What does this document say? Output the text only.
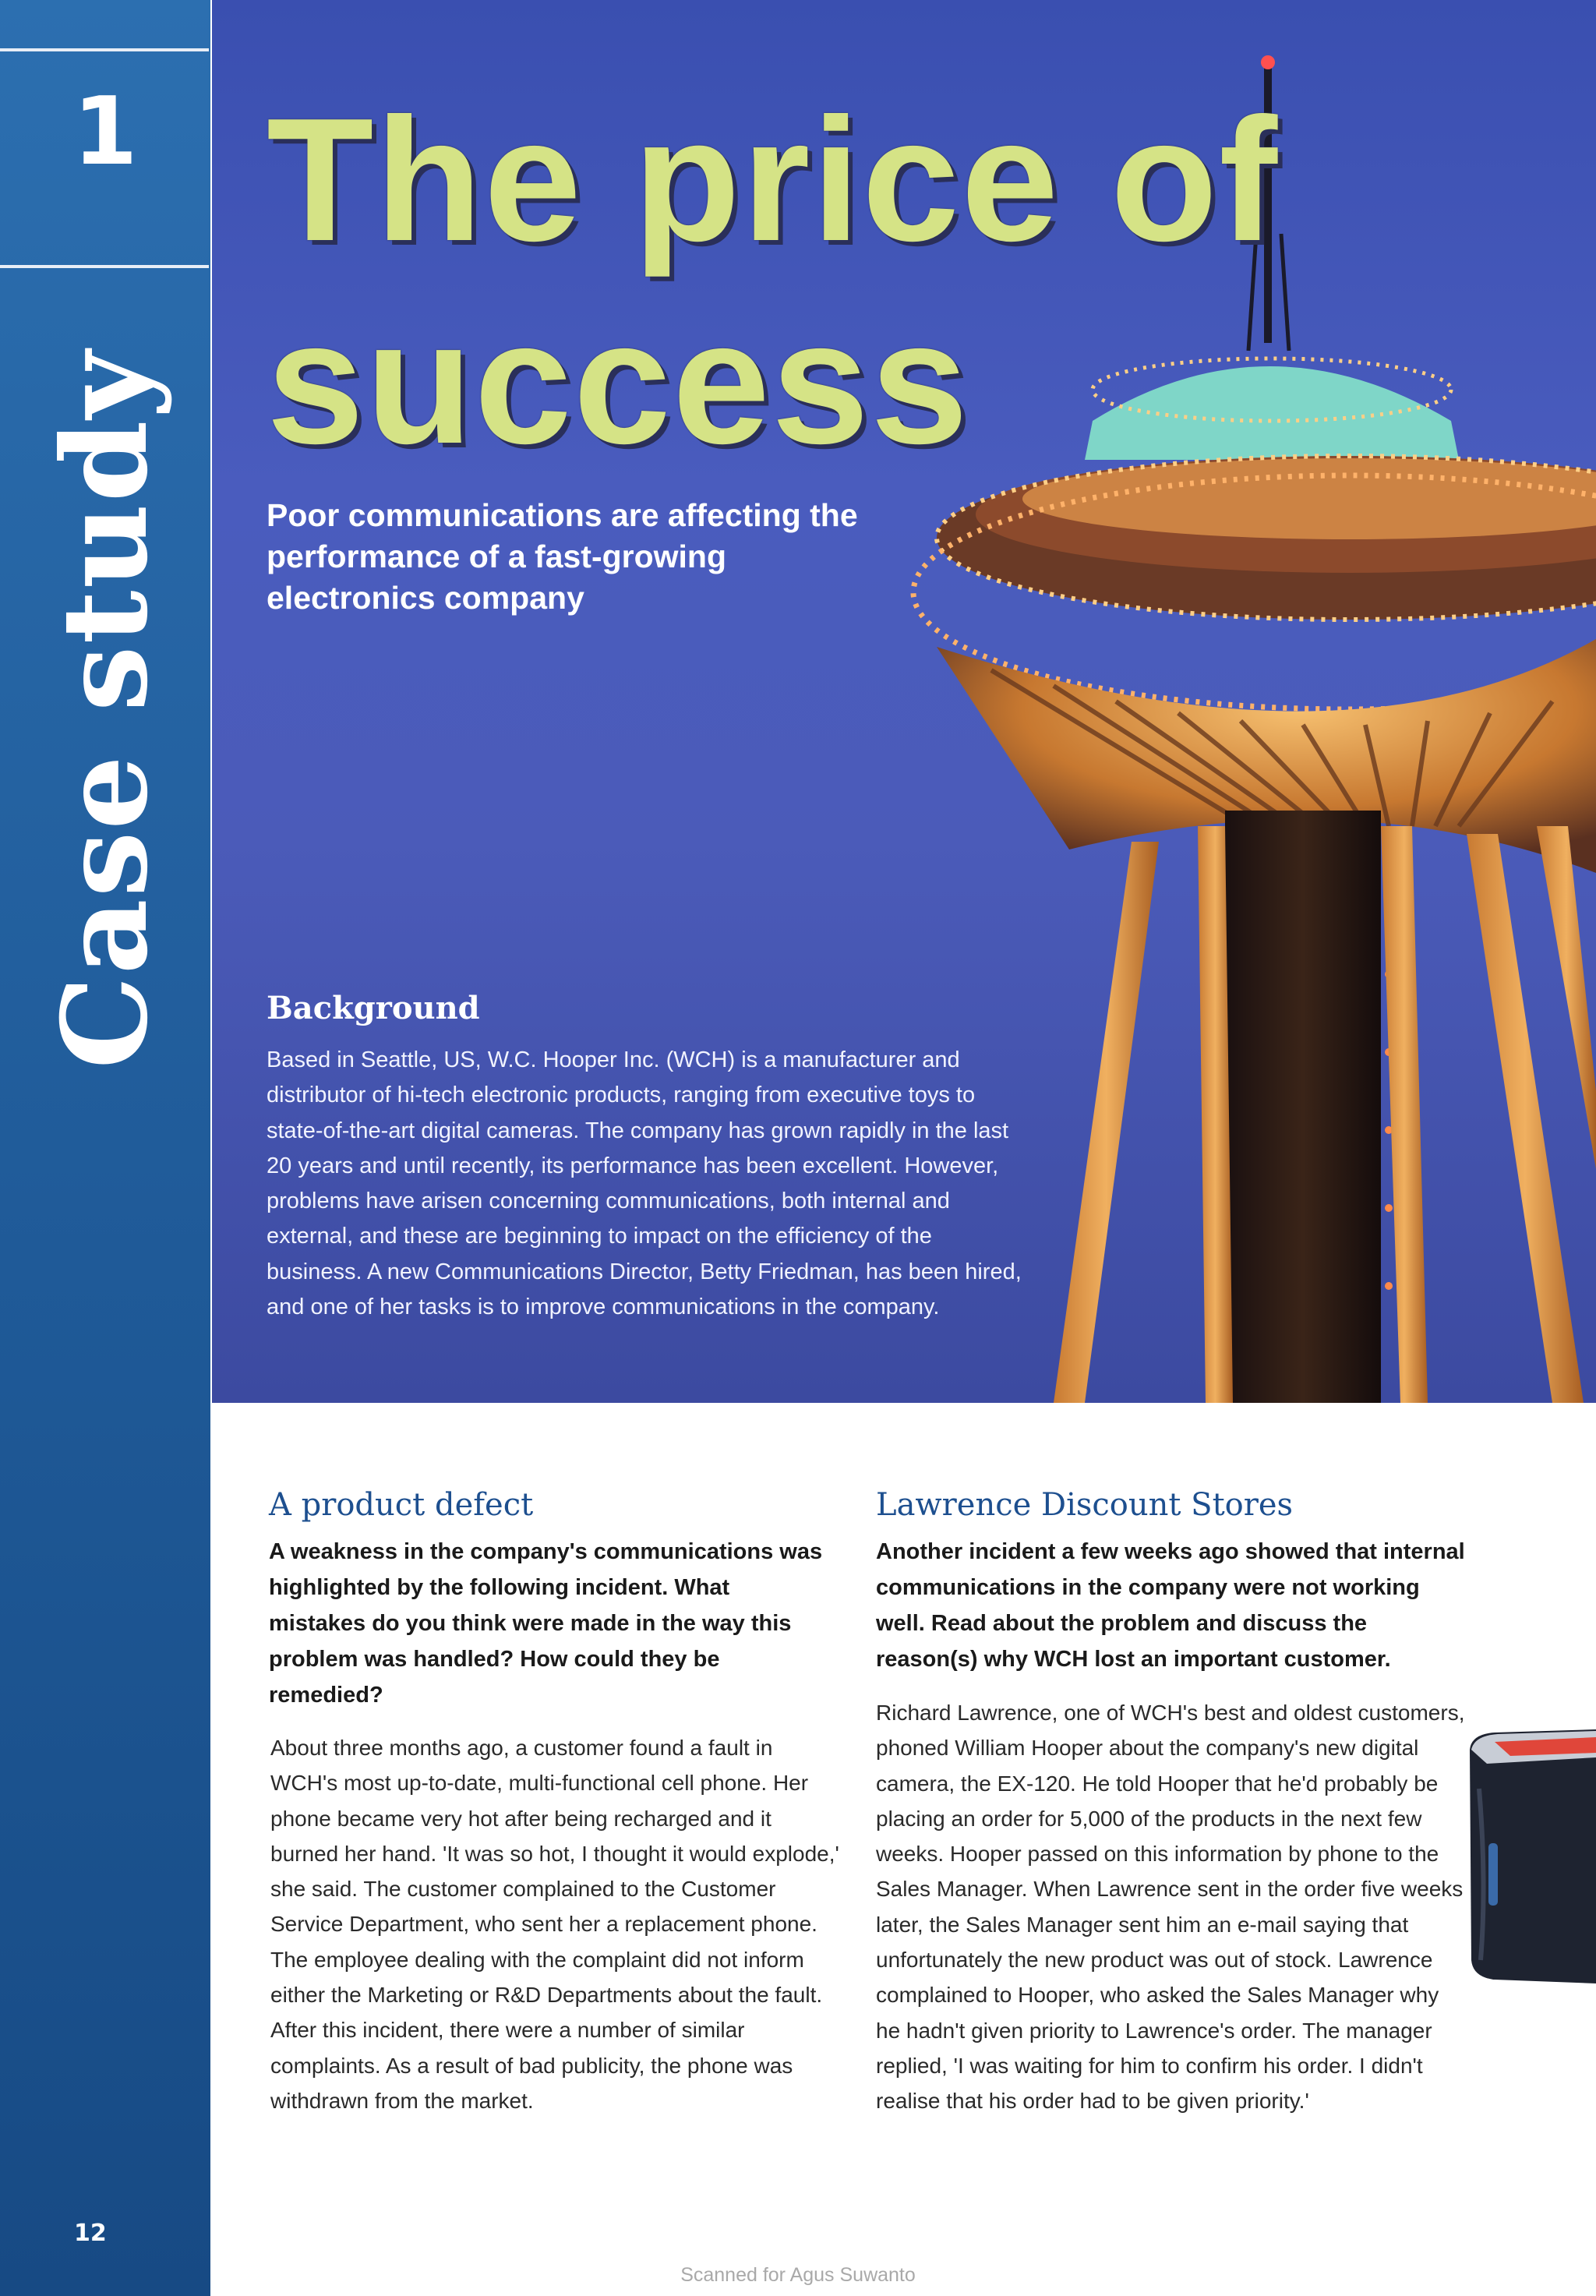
1
Case study
12
The price of
success

Poor communications are affecting the performance of a fast-growing electronics company

Background

Based in Seattle, US, W.C. Hooper Inc. (WCH) is a manufacturer and distributor of hi-tech electronic products, ranging from executive toys to state-of-the-art digital cameras. The company has grown rapidly in the last 20 years and until recently, its performance has been excellent. However, problems have arisen concerning communications, both internal and external, and these are beginning to impact on the efficiency of the business. A new Communications Director, Betty Friedman, has been hired, and one of her tasks is to improve communications in the company.

A product defect

A weakness in the company's communications was highlighted by the following incident. What mistakes do you think were made in the way this problem was handled? How could they be remedied?

About three months ago, a customer found a fault in WCH's most up-to-date, multi-functional cell phone. Her phone became very hot after being recharged and it burned her hand. 'It was so hot, I thought it would explode,' she said. The customer complained to the Customer Service Department, who sent her a replacement phone. The employee dealing with the complaint did not inform either the Marketing or R&D Departments about the fault. After this incident, there were a number of similar complaints. As a result of bad publicity, the phone was withdrawn from the market.

Lawrence Discount Stores

Another incident a few weeks ago showed that internal communications in the company were not working well. Read about the problem and discuss the reason(s) why WCH lost an important customer.

Richard Lawrence, one of WCH's best and oldest customers, phoned William Hooper about the company's new digital camera, the EX-120. He told Hooper that he'd probably be placing an order for 5,000 of the products in the next few weeks. Hooper passed on this information by phone to the Sales Manager. When Lawrence sent in the order five weeks later, the Sales Manager sent him an e-mail saying that unfortunately the new product was out of stock. Lawrence complained to Hooper, who asked the Sales Manager why he hadn't given priority to Lawrence's order. The manager replied, 'I was waiting for him to confirm his order. I didn't realise that his order had to be given priority.'

Scanned for Agus Suwanto
